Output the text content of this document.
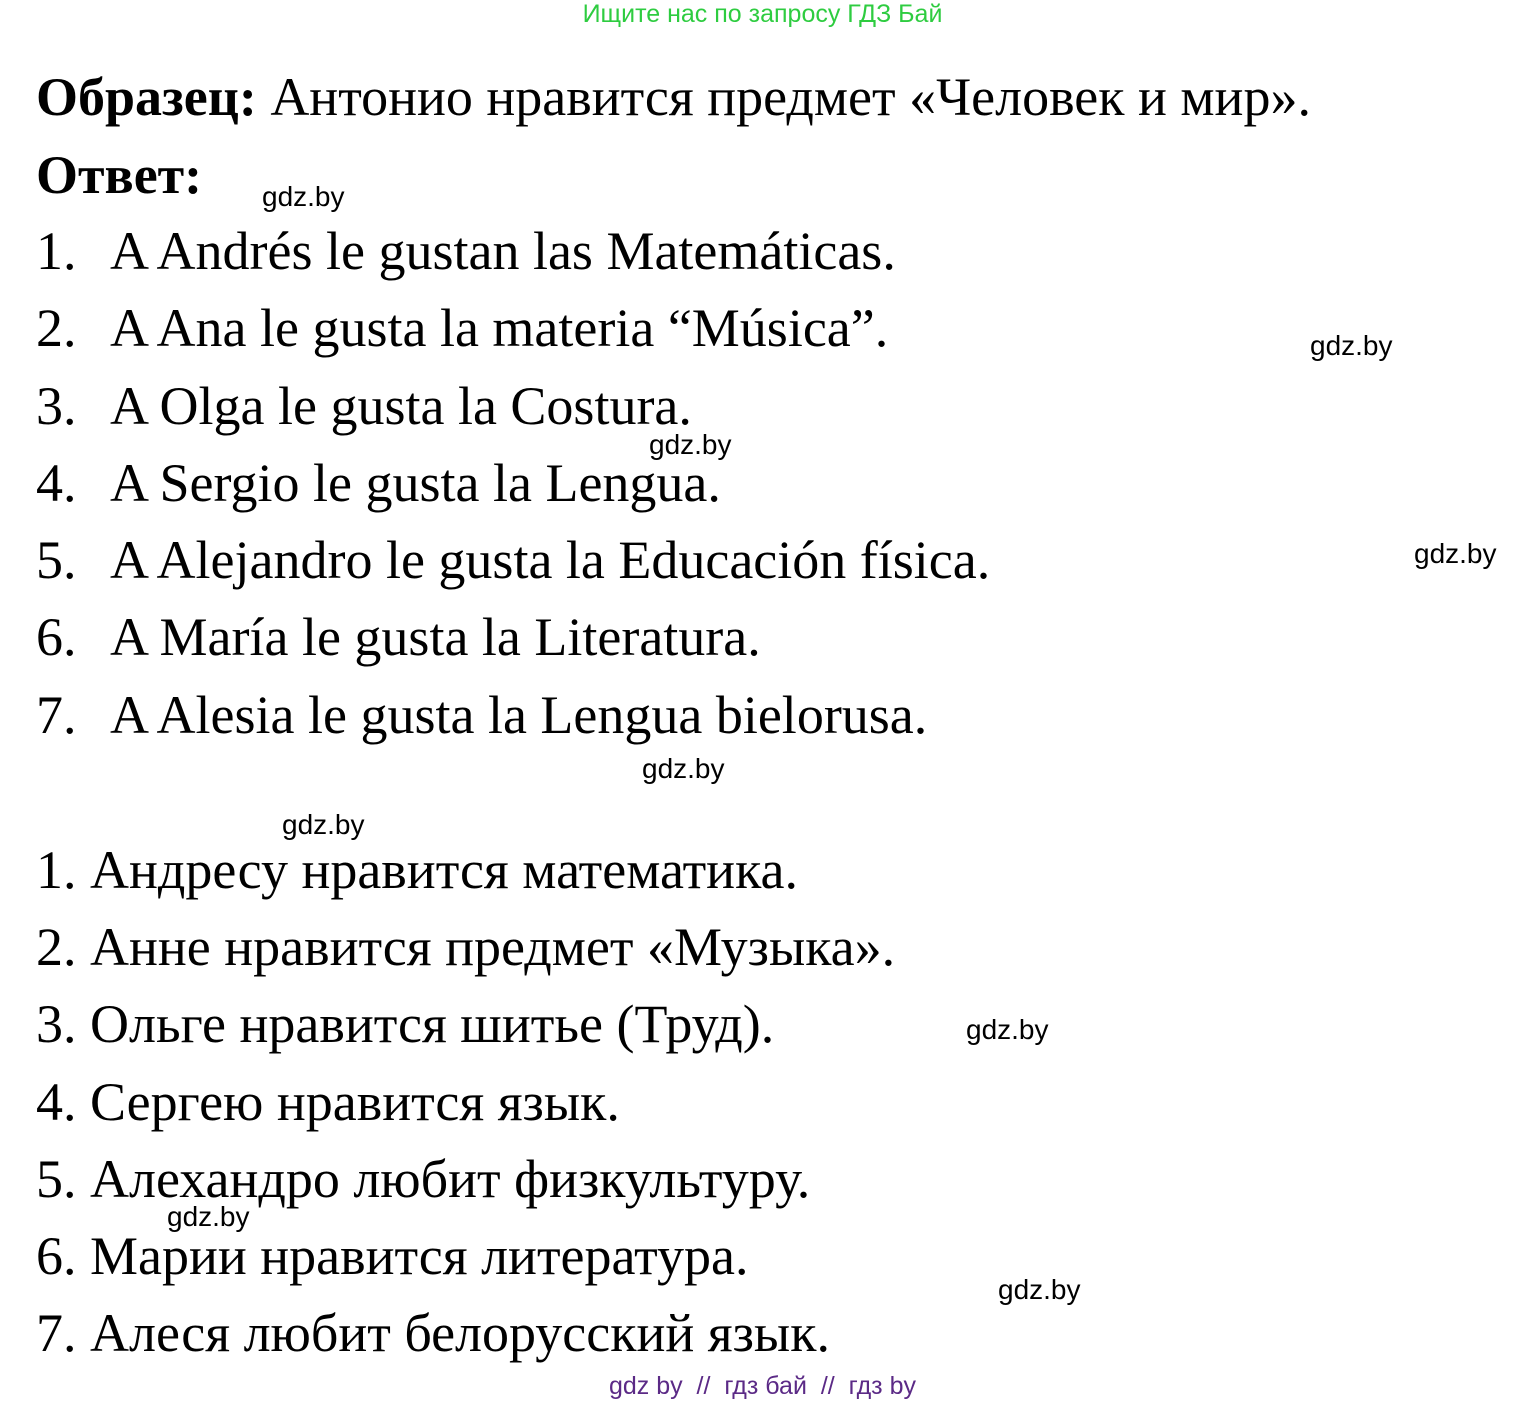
Ищите нас по запросу ГДЗ Бай
Образец: Антонио нравится предмет «Человек и мир».
Ответ:
1. A Andrés le gustan las Matemáticas.
2. A Ana le gusta la materia “Música”.
3. A Olga le gusta la Costura.
4. A Sergio le gusta la Lengua.
5. A Alejandro le gusta la Educación física.
6. A María le gusta la Literatura.
7. A Alesia le gusta la Lengua bielorusa.
1. Андресу нравится математика.
2. Анне нравится предмет «Музыка».
3. Ольге нравится шитье (Труд).
4. Сергею нравится язык.
5. Алехандро любит физкультуру.
6. Марии нравится литература.
7. Алеся любит белорусский язык.
gdz.by
gdz.by
gdz.by
gdz.by
gdz.by
gdz.by
gdz.by
gdz.by
gdz.by
gdz by  //  гдз бай  //  гдз by
